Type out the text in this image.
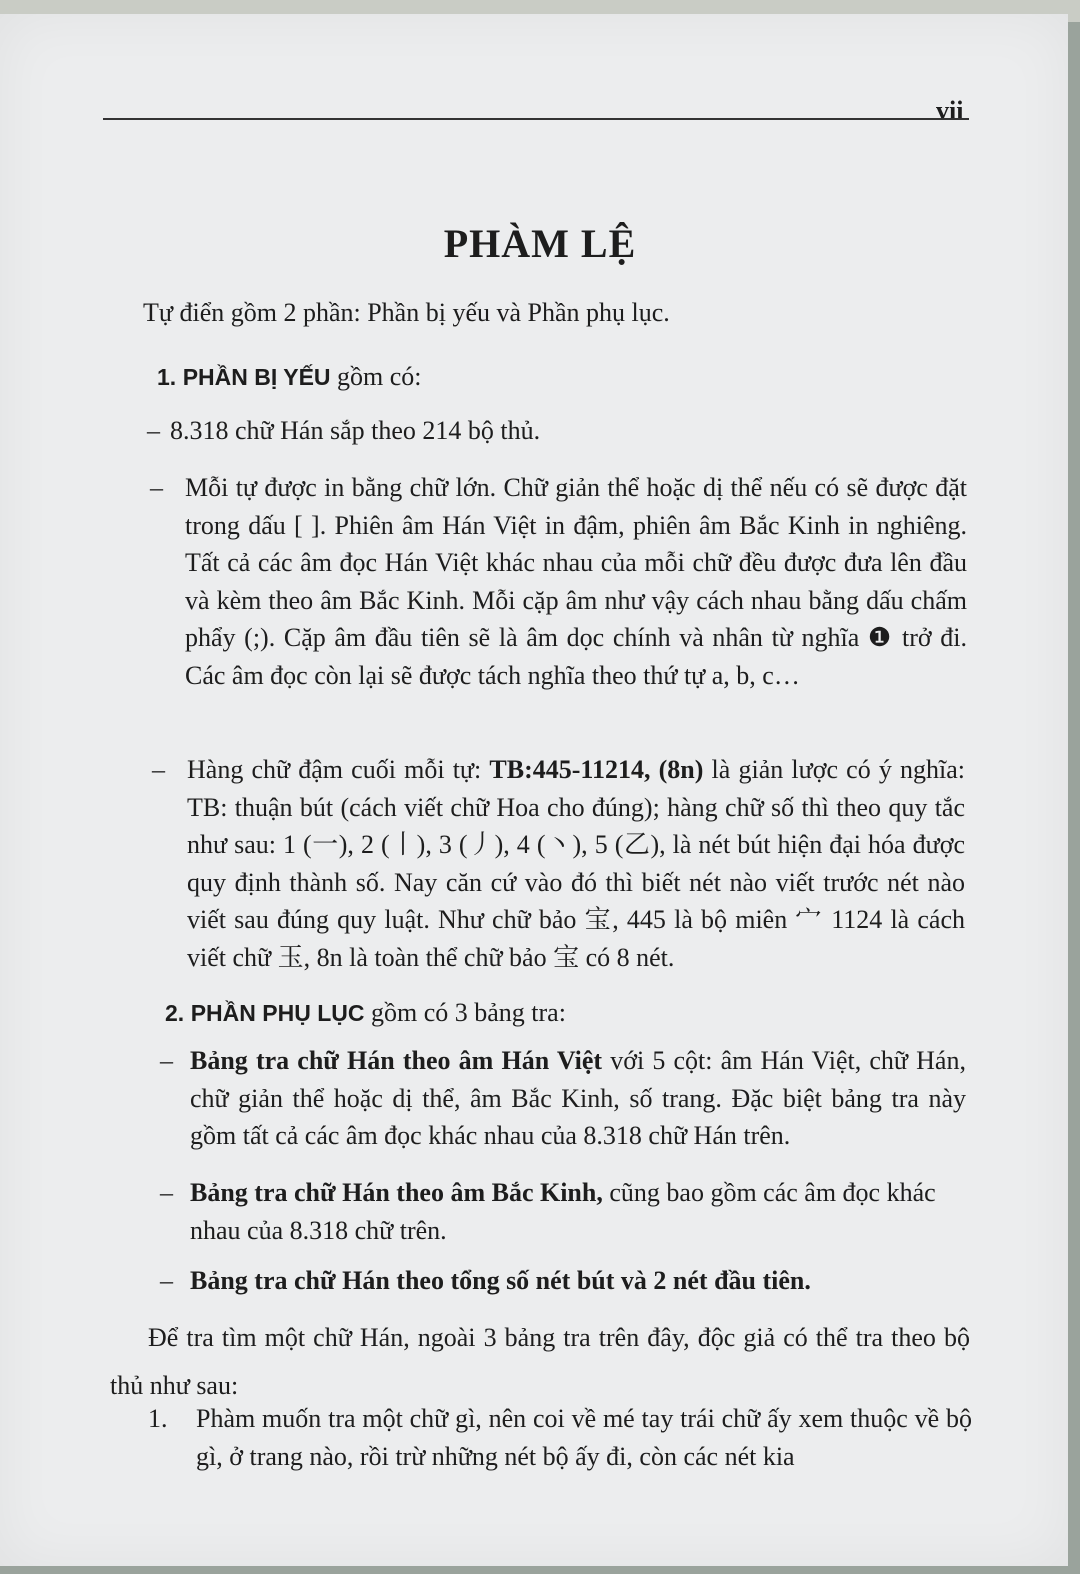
vii
PHÀM LỆ
Tự điển gồm 2 phần: Phần bị yếu và Phần phụ lục.
1. PHẦN BỊ YẾU gồm có:
– 8.318 chữ Hán sắp theo 214 bộ thủ.
– Mỗi tự được in bằng chữ lớn. Chữ giản thể hoặc dị thể nếu có sẽ được đặt trong dấu [ ]. Phiên âm Hán Việt in đậm, phiên âm Bắc Kinh in nghiêng. Tất cả các âm đọc Hán Việt khác nhau của mỗi chữ đều được đưa lên đầu và kèm theo âm Bắc Kinh. Mỗi cặp âm như vậy cách nhau bằng dấu chấm phẩy (;). Cặp âm đầu tiên sẽ là âm dọc chính và nhân từ nghĩa ❶ trở đi. Các âm đọc còn lại sẽ được tách nghĩa theo thứ tự a, b, c…
– Hàng chữ đậm cuối mỗi tự: TB:445-11214, (8n) là giản lược có ý nghĩa: TB: thuận bút (cách viết chữ Hoa cho đúng); hàng chữ số thì theo quy tắc như sau: 1 (一), 2 (丨), 3 (丿), 4 (丶), 5 (乙), là nét bút hiện đại hóa được quy định thành số. Nay căn cứ vào đó thì biết nét nào viết trước nét nào viết sau đúng quy luật. Như chữ bảo 宝, 445 là bộ miên 宀 1124 là cách viết chữ 玉, 8n là toàn thể chữ bảo 宝 có 8 nét.
2. PHẦN PHỤ LỤC gồm có 3 bảng tra:
– Bảng tra chữ Hán theo âm Hán Việt với 5 cột: âm Hán Việt, chữ Hán, chữ giản thể hoặc dị thể, âm Bắc Kinh, số trang. Đặc biệt bảng tra này gồm tất cả các âm đọc khác nhau của 8.318 chữ Hán trên.
– Bảng tra chữ Hán theo âm Bắc Kinh, cũng bao gồm các âm đọc khác nhau của 8.318 chữ trên.
– Bảng tra chữ Hán theo tổng số nét bút và 2 nét đầu tiên.
Để tra tìm một chữ Hán, ngoài 3 bảng tra trên đây, độc giả có thể tra theo bộ thủ như sau:
1. Phàm muốn tra một chữ gì, nên coi về mé tay trái chữ ấy xem thuộc về bộ gì, ở trang nào, rồi trừ những nét bộ ấy đi, còn các nét kia
